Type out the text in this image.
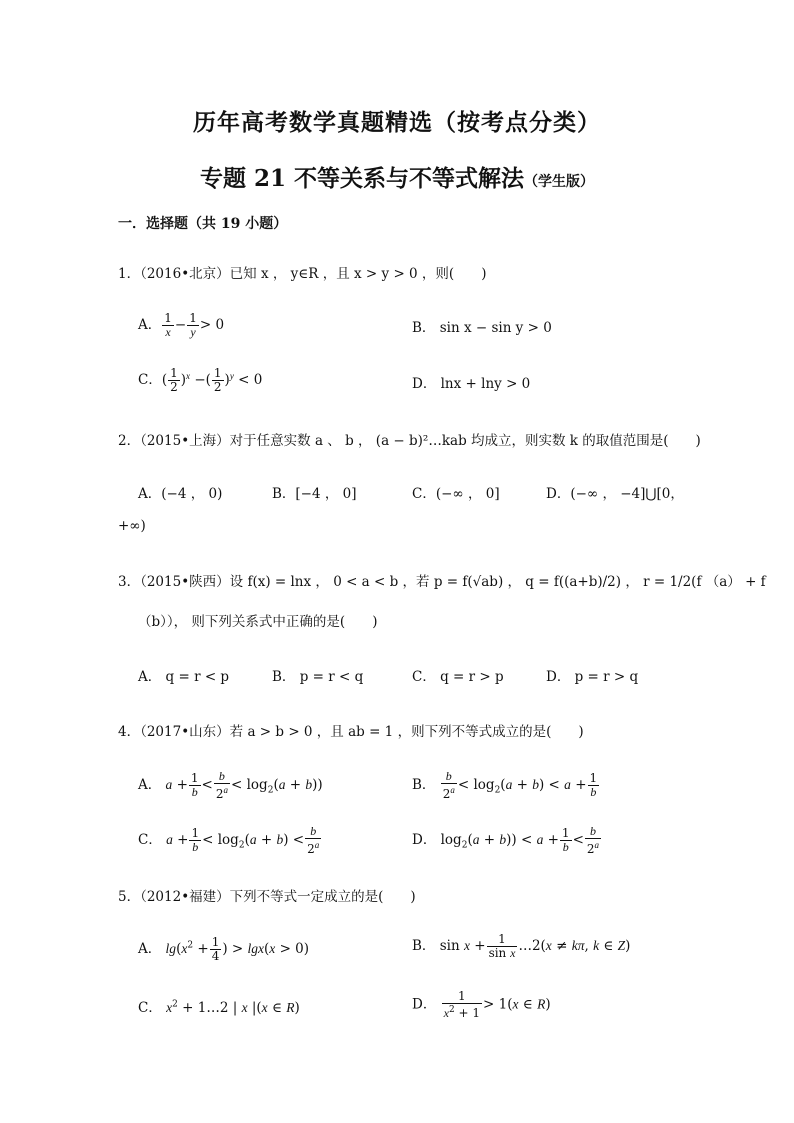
历年高考数学真题精选（按考点分类）
专题 21 不等关系与不等式解法（学生版）
一．选择题（共 19 小题）
1．（2016•北京）已知 x ， y∈R ，且 x > y > 0 ，则(　　)
A． $\frac{1}{x} - \frac{1}{y} > 0$	B． sin x − sin y > 0
C．( $\frac{1}{2} )^x$ −( $\frac{1}{2} )^y < 0$	D． lnx + lny > 0
2．（2015•上海）对于任意实数 a 、 b ， (a − b)²…kab 均成立，则实数 k 的取值范围是(　　)
A．(−4 ， 0)	B．[−4 ， 0]	C．(−∞ ， 0]	D．(−∞ ， −4]⋃[0，
+∞)
3．（2015•陕西）设 f(x) = lnx ， 0 < a < b ，若 p = f(√ab) ， q = f((a+b)/2) ， r = 1/2(f （a） + f
（b））， 则下列关系式中正确的是(　　)
A． q = r < p	B． p = r < q	C． q = r > p	D． p = r > q
4．（2017•山东）若 a > b > 0 ，且 ab = 1 ，则下列不等式成立的是(　　)
A． $a + \frac{1}{b} < \frac{b}{2^a} < \log_2(a + b)$)	B． $\frac{b}{2^a} < \log_2(a + b) < a + \frac{1}{b}$
C． $a + \frac{1}{b} < \log_2(a + b) < \frac{b}{2^a}$	D． $\log_2(a + b)) < a + \frac{1}{b} < \frac{b}{2^a}$
5．（2012•福建）下列不等式一定成立的是(　　)
A． $\lg(x^2 + \frac{1}{4}$ ) > lgx(x > 0)	B． $\sin x + \frac{1}{\text{sin x}}$ …2(x ≠ kπ, k ∈ Z)
C． $x^2$ + 1…2 | x |(x ∈ R)	D． $\frac{1}{x^2 + 1} > 1(x$ ∈ R)
